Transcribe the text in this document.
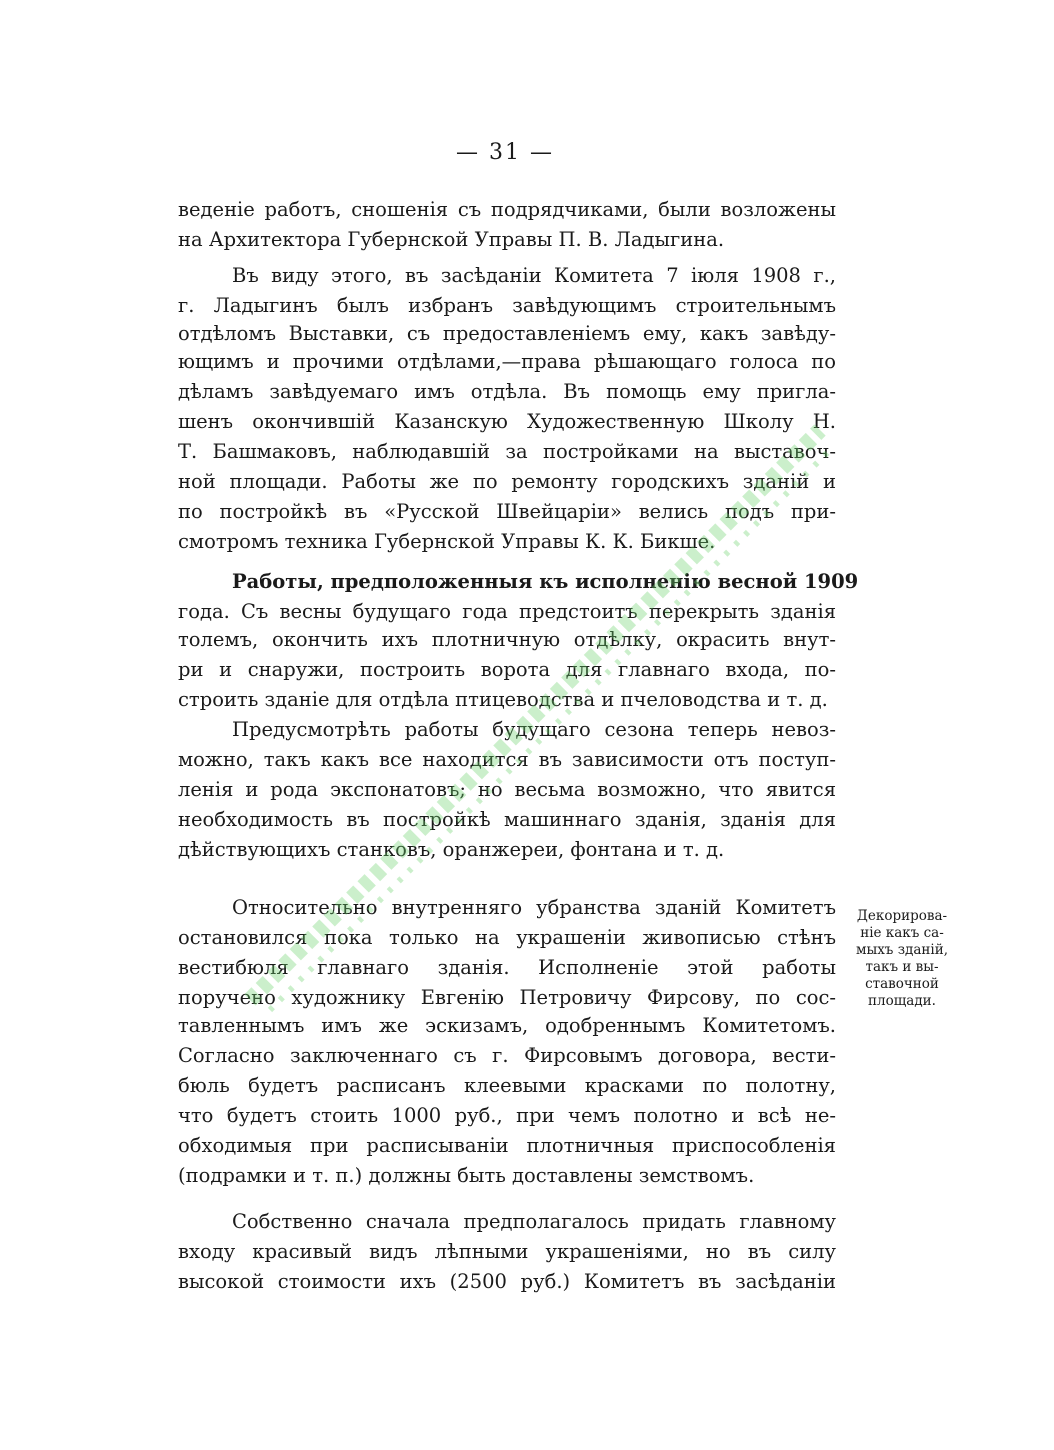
— 31 —
веденіе работъ, сношенія съ подрядчиками, были возложены
на Архитектора Губернской Управы П. В. Ладыгина.
Въ виду этого, въ засѣданіи Комитета 7 іюля 1908 г.,
г. Ладыгинъ былъ избранъ завѣдующимъ строительнымъ
отдѣломъ Выставки, съ предоставленіемъ ему, какъ завѣду-
ющимъ и прочими отдѣлами,—права рѣшающаго голоса по
дѣламъ завѣдуемаго имъ отдѣла. Въ помощь ему пригла-
шенъ окончившій Казанскую Художественную Школу Н.
Т. Башмаковъ, наблюдавшій за постройками на выставоч-
ной площади. Работы же по ремонту городскихъ зданій и
по постройкѣ въ «Русской Швейцаріи» велись подъ при-
смотромъ техника Губернской Управы К. К. Бикше.
Работы, предположенныя къ исполненію весной 1909
года. Съ весны будущаго года предстоитъ перекрыть зданія
толемъ, окончить ихъ плотничную отдѣлку, окрасить внут-
ри и снаружи, построить ворота для главнаго входа, по-
строить зданіе для отдѣла птицеводства и пчеловодства и т. д.
Предусмотрѣть работы будущаго сезона теперь невоз-
можно, такъ какъ все находится въ зависимости отъ поступ-
ленія и рода экспонатовъ; но весьма возможно, что явится
необходимость въ постройкѣ машиннаго зданія, зданія для
дѣйствующихъ станковъ, оранжереи, фонтана и т. д.
Относительно внутренняго убранства зданій Комитетъ
остановился пока только на украшеніи живописью стѣнъ
вестибюля главнаго зданія. Исполненіе этой работы
поручено художнику Евгенію Петровичу Фирсову, по сос-
тавленнымъ имъ же эскизамъ, одобреннымъ Комитетомъ.
Согласно заключеннаго съ г. Фирсовымъ договора, вести-
бюль будетъ расписанъ клеевыми красками по полотну,
что будетъ стоить 1000 руб., при чемъ полотно и всѣ не-
обходимыя при расписываніи плотничныя приспособленія
(подрамки и т. п.) должны быть доставлены земствомъ.
Собственно сначала предполагалось придать главному
входу красивый видъ лѣпными украшеніями, но въ силу
высокой стоимости ихъ (2500 руб.) Комитетъ въ засѣданіи
Декорирова-
ніе какъ са-
мыхъ зданій,
такъ и вы-
ставочной
площади.
